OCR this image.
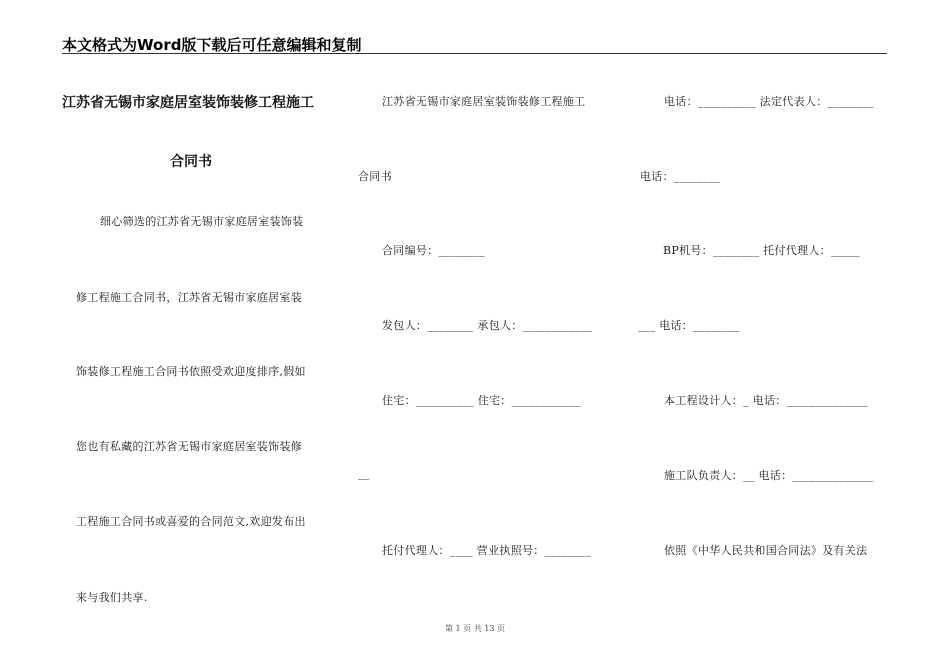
本文格式为Word版下载后可任意编辑和复制
江苏省无锡市家庭居室装饰装修工程施工
合同书
细心筛选的江苏省无锡市家庭居室装饰装
修工程施工合同书，江苏省无锡市家庭居室装
饰装修工程施工合同书依照受欢迎度排序,假如
您也有私藏的江苏省无锡市家庭居室装饰装修
工程施工合同书或喜爱的合同范文,欢迎发布出
来与我们共享.
江苏省无锡市家庭居室装饰装修工程施工
合同书
合同编号：________
发包人：________ 承包人：____________
住宅：__________ 住宅：____________
__
托付代理人：____ 营业执照号：________
电话：__________ 法定代表人：________
电话：________
BP机号：________ 托付代理人：_____
___ 电话：________
本工程设计人：_ 电话：______________
施工队负责人：__ 电话：______________
依照《中华人民共和国合同法》及有关法
第 1 页 共 13 页
